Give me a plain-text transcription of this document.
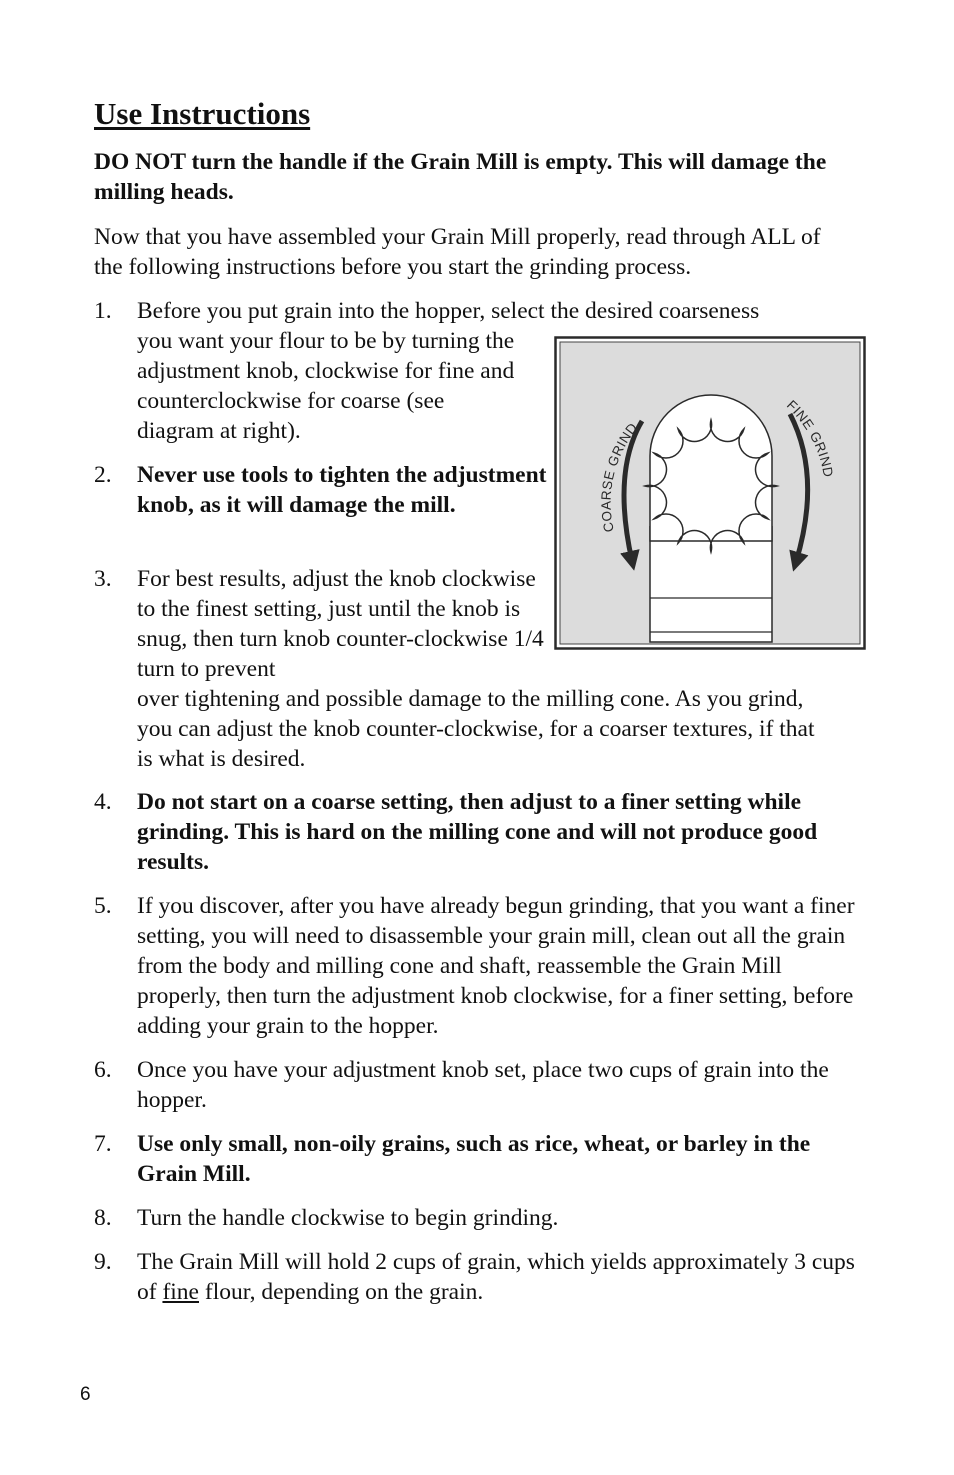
Use Instructions

DO NOT turn the handle if the Grain Mill is empty. This will damage the milling heads.

Now that you have assembled your Grain Mill properly, read through ALL of the following instructions before you start the grinding process.

1.	Before you put grain into the hopper, select the desired coarseness
you want your flour to be by turning the adjustment knob, clockwise for fine and counterclockwise for coarse (see diagram at right).
2.	Never use tools to tighten the adjustment knob, as it will damage the mill.
3.	For best results, adjust the knob clockwise to the finest setting, just until the knob is snug, then turn knob counter-clockwise 1/4 turn to prevent
over tightening and possible damage to the milling cone. As you grind, you can adjust the knob counter-clockwise, for a coarser textures, if that is what is desired.
4.	Do not start on a coarse setting, then adjust to a finer setting while grinding. This is hard on the milling cone and will not produce good results.
5.	If you discover, after you have already begun grinding, that you want a finer setting, you will need to disassemble your grain mill, clean out all the grain from the body and milling cone and shaft, reassemble the Grain Mill properly, then turn the adjustment knob clockwise, for a finer setting, before adding your grain to the hopper.
6.	Once you have your adjustment knob set, place two cups of grain into the hopper.
7.	Use only small, non-oily grains, such as rice, wheat, or barley in the Grain Mill.
8.	Turn the handle clockwise to begin grinding.
9.	The Grain Mill will hold 2 cups of grain, which yields approximately 3 cups of fine flour, depending on the grain.
COARSE GRIND
FINE GRIND
6
